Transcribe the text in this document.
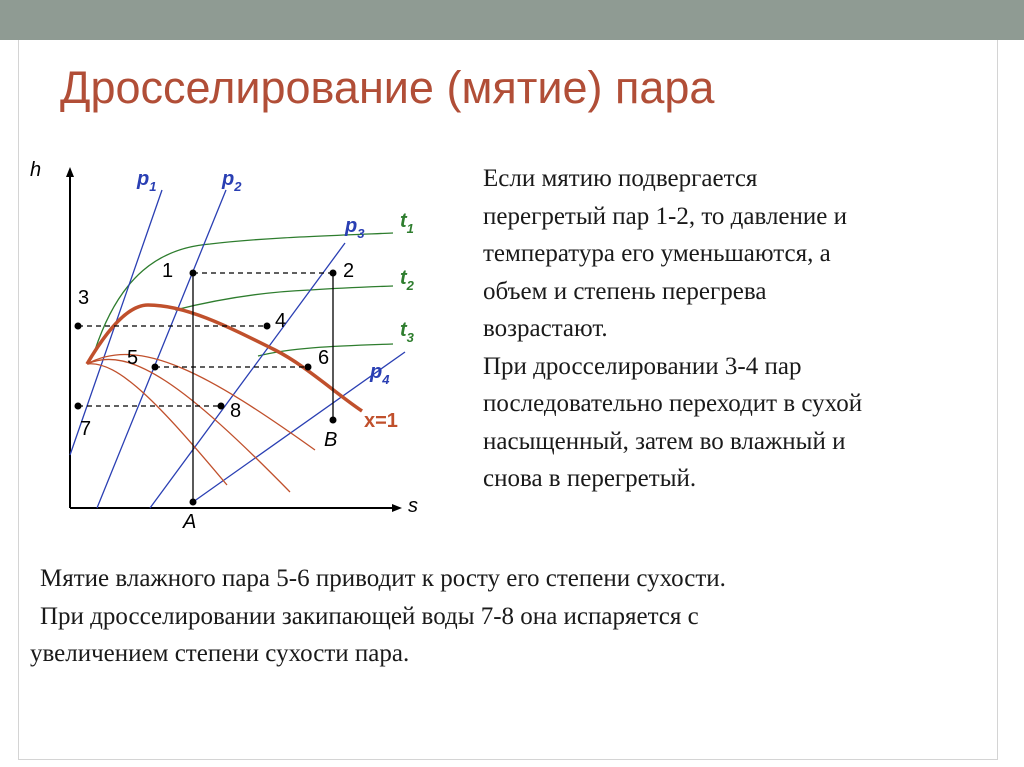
Дросселирование (мятие) пара
h
s
x=1
1	2
3
4
5	6
7
8
A
B
$p_1$	$p_2$
$p_3$
$p_4$
$t_1$
$t_2$
$t_3$

Если мятию подвергается

перегретый пар 1-2, то давление и

температура его уменьшаются, а

объем и степень перегрева

возрастают.

При дросселировании 3-4 пар

последовательно переходит в сухой

насыщенный, затем во влажный и

снова в перегретый.

Мятие влажного пара 5-6 приводит к росту его степени сухости.

При дросселировании закипающей воды 7-8 она испаряется с

увеличением степени сухости пара.
